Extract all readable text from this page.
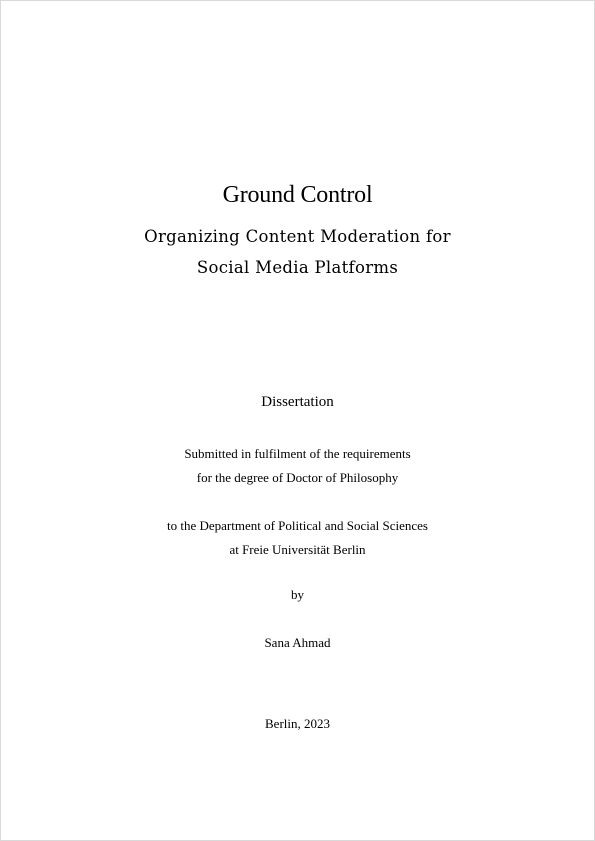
Ground Control
Organizing Content Moderation for
Social Media Platforms
Dissertation
Submitted in fulfilment of the requirements
for the degree of Doctor of Philosophy
to the Department of Political and Social Sciences
at Freie Universität Berlin
by
Sana Ahmad
Berlin, 2023
